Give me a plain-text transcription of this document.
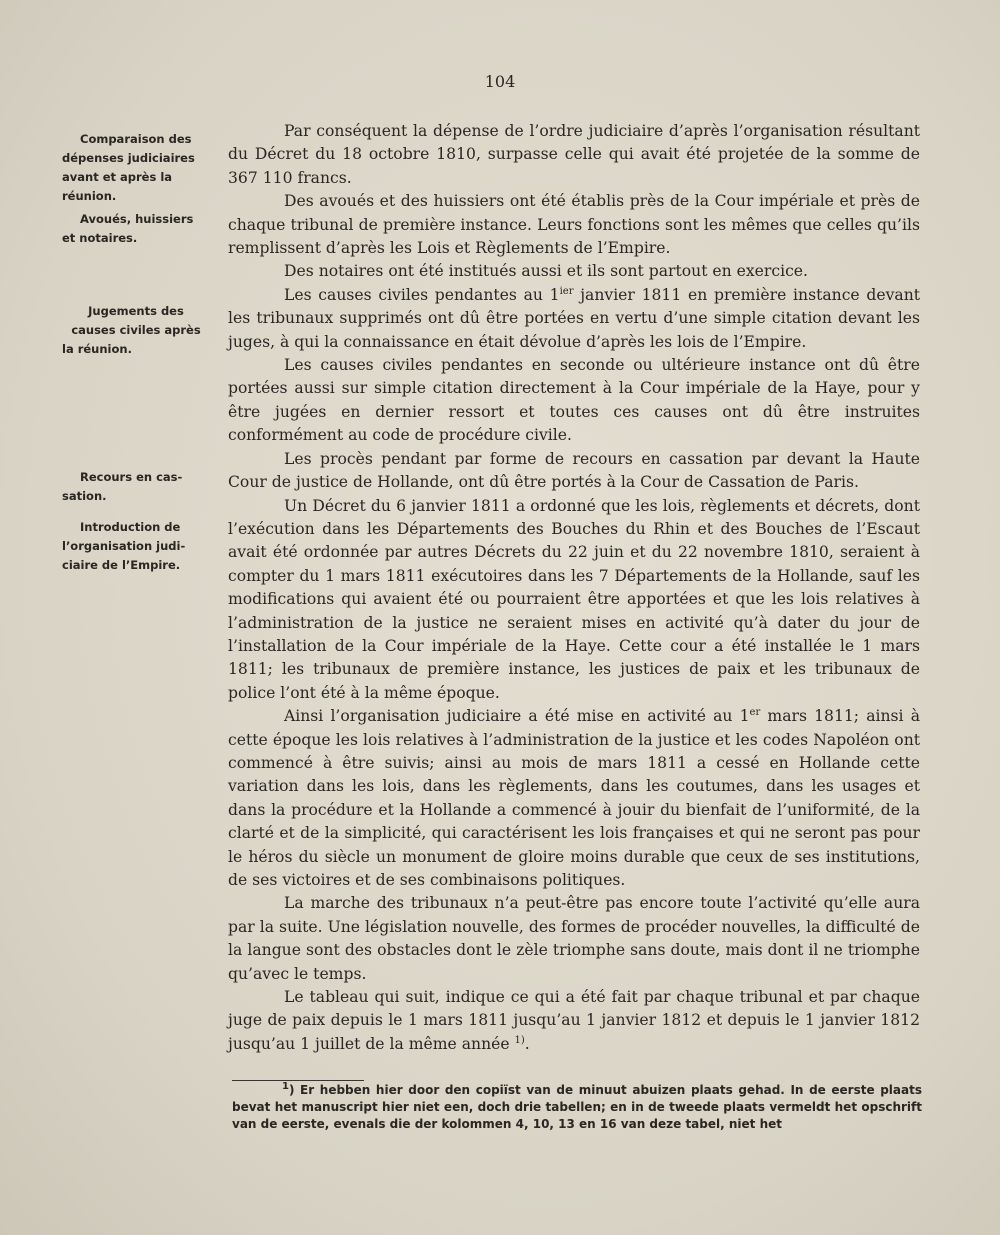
104
Comparaison des
dépenses judiciaires
avant et après la
réunion.
Avoués, huissiers
et notaires.
Jugements des
causes civiles après
la réunion.
Recours en cas-
sation.
Introduction de
l’organisation judi-
ciaire de l’Empire.

Par conséquent la dépense de l’ordre judiciaire d’après l’organisation résultant du Décret du 18 octobre 1810, surpasse celle qui avait été projetée de la somme de 367 110 francs.

Des avoués et des huissiers ont été établis près de la Cour impériale et près de chaque tribunal de première instance. Leurs fonctions sont les mêmes que celles qu’ils remplissent d’après les Lois et Règlements de l’Empire.

Des notaires ont été institués aussi et ils sont partout en exercice.

Les causes civiles pendantes au $1^{ier}$ janvier 1811 en première instance devant les tribunaux supprimés ont dû être portées en vertu d’une simple citation devant les juges, à qui la connaissance en était dévolue d’après les lois de l’Empire.

Les causes civiles pendantes en seconde ou ultérieure instance ont dû être portées aussi sur simple citation directement à la Cour impériale de la Haye, pour y être jugées en dernier ressort et toutes ces causes ont dû être instruites conformément au code de procédure civile.

Les procès pendant par forme de recours en cassation par devant la Haute Cour de justice de Hollande, ont dû être portés à la Cour de Cassation de Paris.

Un Décret du 6 janvier 1811 a ordonné que les lois, règlements et décrets, dont l’exécution dans les Départements des Bouches du Rhin et des Bouches de l’Escaut avait été ordonnée par autres Décrets du 22 juin et du 22 novembre 1810, seraient à compter du 1 mars 1811 exécutoires dans les 7 Départements de la Hollande, sauf les modifications qui avaient été ou pourraient être apportées et que les lois relatives à l’administration de la justice ne seraient mises en activité qu’à dater du jour de l’installation de la Cour impériale de la Haye. Cette cour a été installée le 1 mars 1811; les tribunaux de première instance, les justices de paix et les tribunaux de police l’ont été à la même époque.

Ainsi l’organisation judiciaire a été mise en activité au 1er mars 1811; ainsi à cette époque les lois relatives à l’administration de la justice et les codes Napoléon ont commencé à être suivis; ainsi au mois de mars 1811 a cessé en Hollande cette variation dans les lois, dans les règlements, dans les coutumes, dans les usages et dans la procédure et la Hollande a commencé à jouir du bienfait de l’uniformité, de la clarté et de la simplicité, qui caractérisent les lois françaises et qui ne seront pas pour le héros du siècle un monument de gloire moins durable que ceux de ses institutions, de ses victoires et de ses combinaisons politiques.

La marche des tribunaux n’a peut-être pas encore toute l’activité qu’elle aura par la suite. Une législation nouvelle, des formes de procéder nouvelles, la difficulté de la langue sont des obstacles dont le zèle triomphe sans doute, mais dont il ne triomphe qu’avec le temps.

Le tableau qui suit, indique ce qui a été fait par chaque tribunal et par chaque juge de paix depuis le 1 mars 1811 jusqu’au 1 janvier 1812 et depuis le 1 janvier 1812 jusqu’au 1 juillet de la même année $^{1)}$.

$^1$) Er hebben hier door den copiïst van de minuut abuizen plaats gehad. In de eerste plaats bevat het manuscript hier niet een, doch drie tabellen; en in de tweede plaats vermeldt het opschrift van de eerste, evenals die der kolommen 4, 10, 13 en 16 van deze tabel, niet het
